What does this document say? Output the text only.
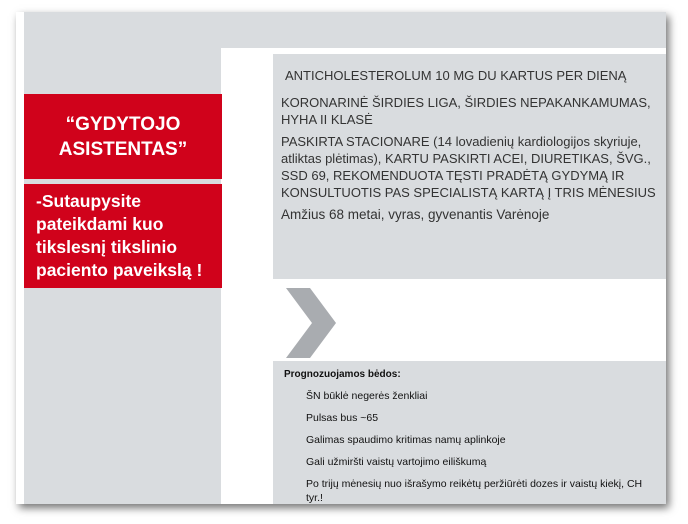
“GYDYTOJO
ASISTENTAS”
-Sutaupysite
pateikdami kuo
tikslesnį tikslinio
paciento paveikslą !

ANTICHOLESTEROLUM 10 MG DU KARTUS PER DIENĄ

KORONARINĖ ŠIRDIES LIGA, ŠIRDIES NEPAKANKAMUMAS, HYHA II KLASĖ

PASKIRTA STACIONARE (14 lovadienių kardiologijos skyriuje, atliktas plėtimas), KARTU PASKIRTI ACEI, DIURETIKAS, ŠVG., SSD 69, REKOMENDUOTA TĘSTI PRADĖTĄ GYDYMĄ IR KONSULTUOTIS PAS SPECIALISTĄ KARTĄ Į TRIS MĖNESIUS

Amžius 68 metai, vyras, gyvenantis Varėnoje

Prognozuojamos bėdos:
ŠN būklė negerės ženkliai
Pulsas bus ~65
Galimas spaudimo kritimas namų aplinkoje
Gali užmiršti vaistų vartojimo eiliškumą
Po trijų mėnesių nuo išrašymo reikėtų peržiūrėti dozes ir vaistų kiekį, CH tyr.!
